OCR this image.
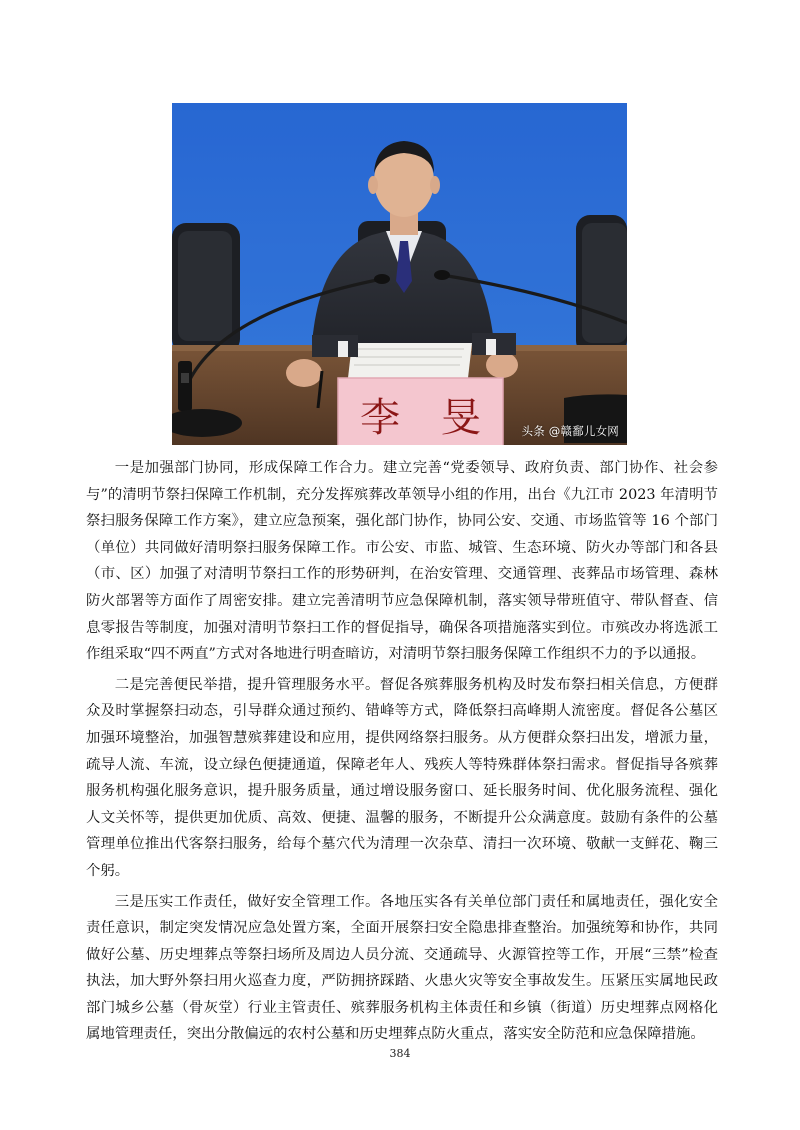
李 旻	头条 @赣鄱儿女网

一是加强部门协同，形成保障工作合力。建立完善“党委领导、政府负责、部门协作、社会参与”的清明节祭扫保障工作机制，充分发挥殡葬改革领导小组的作用，出台《九江市 2023 年清明节祭扫服务保障工作方案》，建立应急预案，强化部门协作，协同公安、交通、市场监管等 16 个部门（单位）共同做好清明祭扫服务保障工作。市公安、市监、城管、生态环境、防火办等部门和各县（市、区）加强了对清明节祭扫工作的形势研判，在治安管理、交通管理、丧葬品市场管理、森林防火部署等方面作了周密安排。建立完善清明节应急保障机制，落实领导带班值守、带队督查、信息零报告等制度，加强对清明节祭扫工作的督促指导，确保各项措施落实到位。市殡改办将选派工作组采取“四不两直”方式对各地进行明查暗访，对清明节祭扫服务保障工作组织不力的予以通报。

二是完善便民举措，提升管理服务水平。督促各殡葬服务机构及时发布祭扫相关信息，方便群众及时掌握祭扫动态，引导群众通过预约、错峰等方式，降低祭扫高峰期人流密度。督促各公墓区加强环境整治，加强智慧殡葬建设和应用，提供网络祭扫服务。从方便群众祭扫出发，增派力量，疏导人流、车流，设立绿色便捷通道，保障老年人、残疾人等特殊群体祭扫需求。督促指导各殡葬服务机构强化服务意识，提升服务质量，通过增设服务窗口、延长服务时间、优化服务流程、强化人文关怀等，提供更加优质、高效、便捷、温馨的服务，不断提升公众满意度。鼓励有条件的公墓管理单位推出代客祭扫服务，给每个墓穴代为清理一次杂草、清扫一次环境、敬献一支鲜花、鞠三个躬。

三是压实工作责任，做好安全管理工作。各地压实各有关单位部门责任和属地责任，强化安全责任意识，制定突发情况应急处置方案，全面开展祭扫安全隐患排查整治。加强统筹和协作，共同做好公墓、历史埋葬点等祭扫场所及周边人员分流、交通疏导、火源管控等工作，开展“三禁”检查执法，加大野外祭扫用火巡查力度，严防拥挤踩踏、火患火灾等安全事故发生。压紧压实属地民政部门城乡公墓（骨灰堂）行业主管责任、殡葬服务机构主体责任和乡镇（街道）历史埋葬点网格化属地管理责任，突出分散偏远的农村公墓和历史埋葬点防火重点，落实安全防范和应急保障措施。

384
